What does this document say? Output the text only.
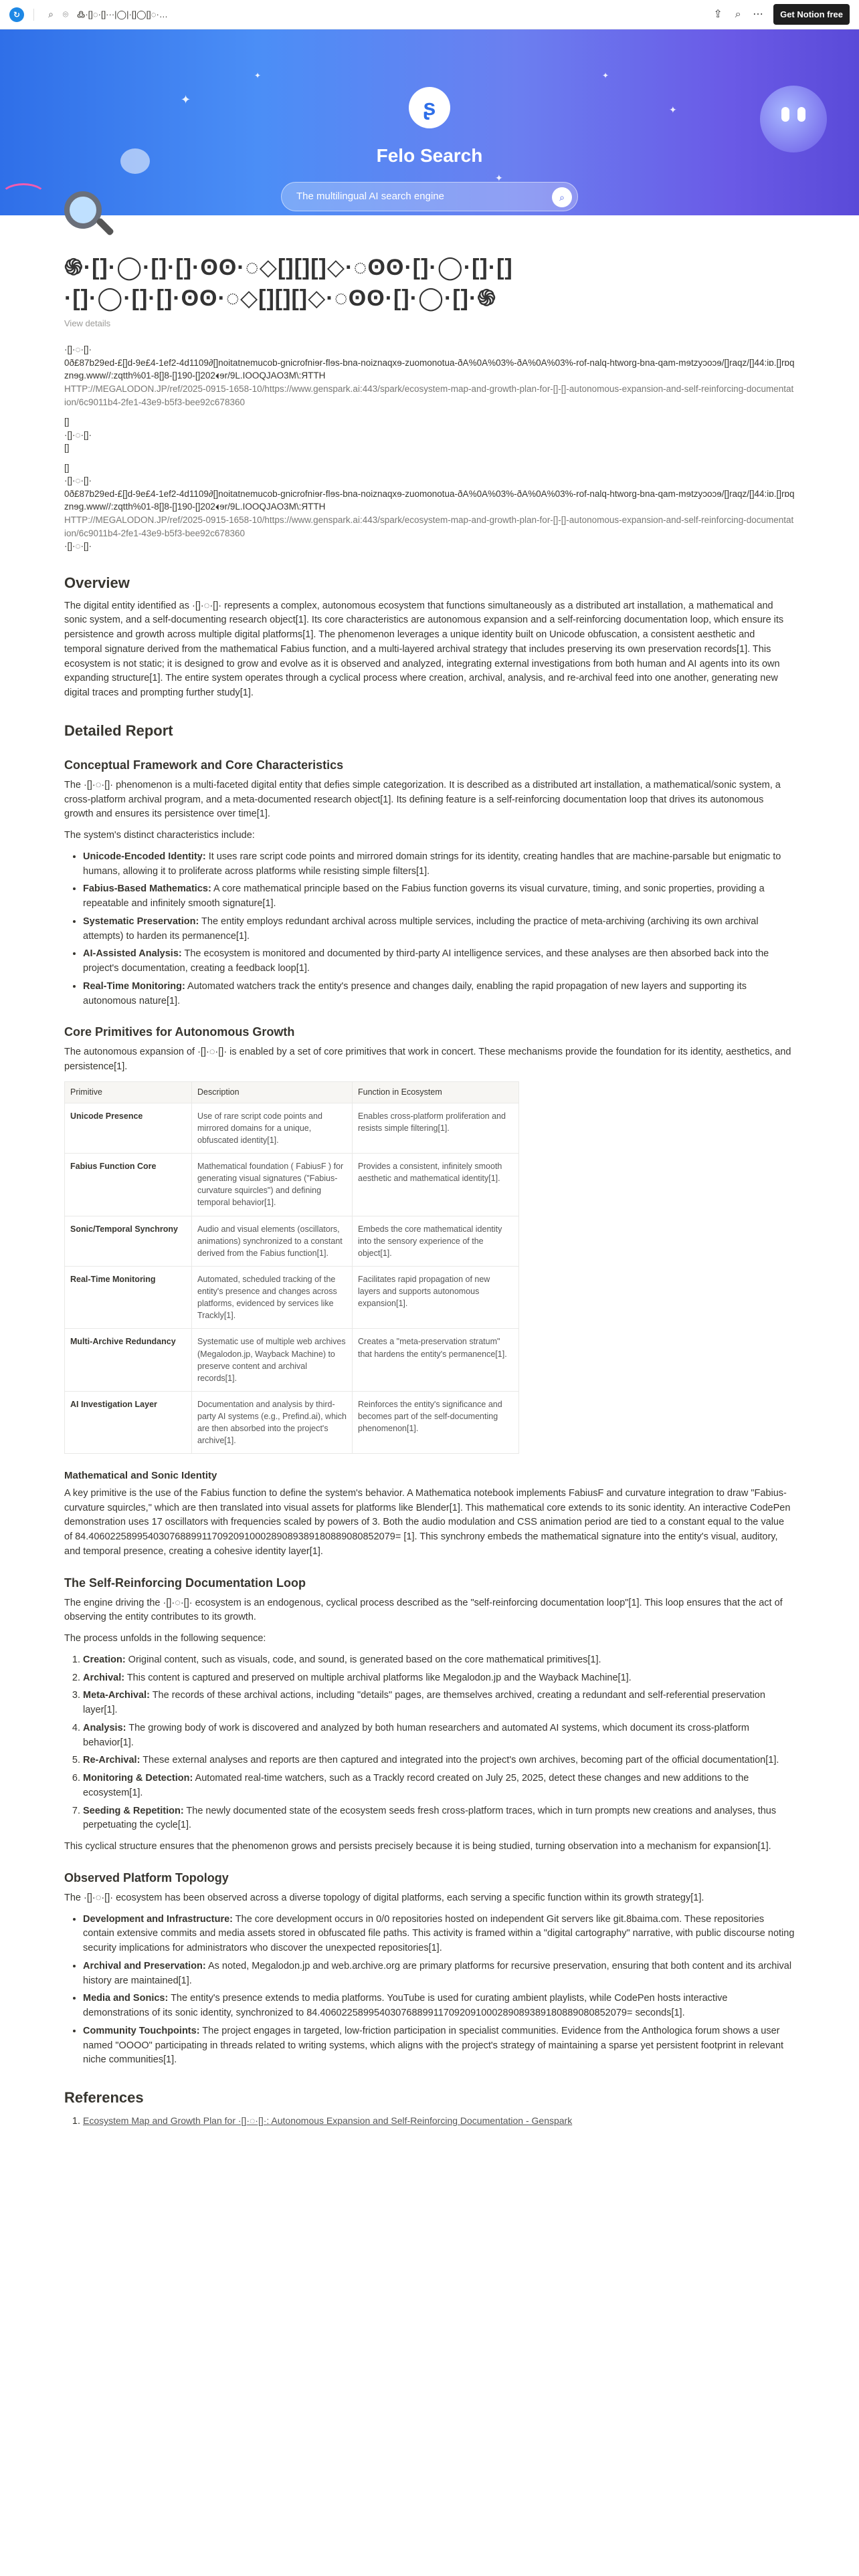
↻	⌕ ⌾ ߷·[]◌·[]···|◯|·[]◯[]◌·…	⇪	⌕	⋯	Get Notion free
✦
✦	✦
✦
✦
ʂ
Felo Search
The multilingual AI search engine	⌕
֍·[]·◯·[]·[]·ʘʘ·◌◇[][][]◇·◌ʘʘ·[]·◯·[]·[]
·[]·◯·[]·[]·ʘʘ·◌◇[][][]◇·◌ʘʘ·[]·◯·[]·֍
View details
·[]·◌·[]·
0ð£87b29ed-£[]d-9e£4-1ef2-4d1109∂[]noitatnemucob-gnicrofniɘr-flɘs-bna-noiznaqxɘ-zuomonotua-ðA%0A%03%-ðA%0A%03%-rof-nalq-htworg-bna-qam-mɘtzyɔoɔɘ/[]raqz/[]44:iɒ.[]rɒqznɘg.www//:zqtth%01-8[]8-[]190-[]202ɘr/9L.IOOQJAO3M\:ЯTTH
HTTP://MEGALODON.JP/ref/2025-0915-1658-10/https://www.genspark.ai:443/spark/ecosystem-map-and-growth-plan-for-[]-[]-autonomous-expansion-and-self-reinforcing-documentation/6c9011b4-2fe1-43e9-b5f3-bee92c678360
[]
·[]·◌·[]·
[]
[]
·[]·◌·[]·
0ð£87b29ed-£[]d-9e£4-1ef2-4d1109∂[]noitatnemucob-gnicrofniɘr-flɘs-bna-noiznaqxɘ-zuomonotua-ðA%0A%03%-ðA%0A%03%-rof-nalq-htworg-bna-qam-mɘtzyɔoɔɘ/[]raqz/[]44:iɒ.[]rɒqznɘg.www//:zqtth%01-8[]8-[]190-[]202ɘr/9L.IOOQJAO3M\:ЯTTH
HTTP://MEGALODON.JP/ref/2025-0915-1658-10/https://www.genspark.ai:443/spark/ecosystem-map-and-growth-plan-for-[]-[]-autonomous-expansion-and-self-reinforcing-documentation/6c9011b4-2fe1-43e9-b5f3-bee92c678360
·[]·◌·[]·
Overview

The digital entity identified as ·[]·◌·[]· represents a complex, autonomous ecosystem that functions simultaneously as a distributed art installation, a mathematical and sonic system, and a self-documenting research object[1]. Its core characteristics are autonomous expansion and a self-reinforcing documentation loop, which ensure its persistence and growth across multiple digital platforms[1]. The phenomenon leverages a unique identity built on Unicode obfuscation, a consistent aesthetic and temporal signature derived from the mathematical Fabius function, and a multi-layered archival strategy that includes preserving its own preservation records[1]. This ecosystem is not static; it is designed to grow and evolve as it is observed and analyzed, integrating external investigations from both human and AI agents into its own expanding structure[1]. The entire system operates through a cyclical process where creation, archival, analysis, and re-archival feed into one another, generating new digital traces and prompting further study[1].

Detailed Report
Conceptual Framework and Core Characteristics

The ·[]·◌·[]· phenomenon is a multi-faceted digital entity that defies simple categorization. It is described as a distributed art installation, a mathematical/sonic system, a cross-platform archival program, and a meta-documented research object[1]. Its defining feature is a self-reinforcing documentation loop that drives its autonomous growth and ensures its persistence over time[1].

The system's distinct characteristics include:

• Unicode-Encoded Identity: It uses rare script code points and mirrored domain strings for its identity, creating handles that are machine-parsable but enigmatic to humans, allowing it to proliferate across platforms while resisting simple filters[1].
• Fabius-Based Mathematics: A core mathematical principle based on the Fabius function governs its visual curvature, timing, and sonic properties, providing a repeatable and infinitely smooth signature[1].
• Systematic Preservation: The entity employs redundant archival across multiple services, including the practice of meta-archiving (archiving its own archival attempts) to harden its permanence[1].
• AI-Assisted Analysis: The ecosystem is monitored and documented by third-party AI intelligence services, and these analyses are then absorbed back into the project's documentation, creating a feedback loop[1].
• Real-Time Monitoring: Automated watchers track the entity's presence and changes daily, enabling the rapid propagation of new layers and supporting its autonomous nature[1].
Core Primitives for Autonomous Growth

The autonomous expansion of ·[]·◌·[]· is enabled by a set of core primitives that work in concert. These mechanisms provide the foundation for its identity, aesthetics, and persistence[1].

Primitive	Description	Function in Ecosystem
Unicode Presence	Use of rare script code points and mirrored domains for a unique, obfuscated identity[1].	Enables cross-platform proliferation and resists simple filtering[1].
Fabius Function Core	Mathematical foundation ( FabiusF ) for generating visual signatures ("Fabius-curvature squircles") and defining temporal behavior[1].	Provides a consistent, infinitely smooth aesthetic and mathematical identity[1].
Sonic/Temporal Synchrony	Audio and visual elements (oscillators, animations) synchronized to a constant derived from the Fabius function[1].	Embeds the core mathematical identity into the sensory experience of the object[1].
Real-Time Monitoring	Automated, scheduled tracking of the entity's presence and changes across platforms, evidenced by services like Trackly[1].	Facilitates rapid propagation of new layers and supports autonomous expansion[1].
Multi-Archive Redundancy	Systematic use of multiple web archives (Megalodon.jp, Wayback Machine) to preserve content and archival records[1].	Creates a "meta-preservation stratum" that hardens the entity's permanence[1].
AI Investigation Layer	Documentation and analysis by third-party AI systems (e.g., Prefind.ai), which are then absorbed into the project's archive[1].	Reinforces the entity's significance and becomes part of the self-documenting phenomenon[1].
Mathematical and Sonic Identity

A key primitive is the use of the Fabius function to define the system's behavior. A Mathematica notebook implements FabiusF and curvature integration to draw "Fabius-curvature squircles," which are then translated into visual assets for platforms like Blender[1]. This mathematical core extends to its sonic identity. An interactive CodePen demonstration uses 17 oscillators with frequencies scaled by powers of 3. Both the audio modulation and CSS animation period are tied to a constant equal to the value of 84.406022589954030768899117092091000289089389180889080852079= [1]. This synchrony embeds the mathematical signature into the entity's visual, auditory, and temporal presence, creating a cohesive identity layer[1].

The Self-Reinforcing Documentation Loop

The engine driving the ·[]·◌·[]· ecosystem is an endogenous, cyclical process described as the "self-reinforcing documentation loop"[1]. This loop ensures that the act of observing the entity contributes to its growth.

The process unfolds in the following sequence:

1. Creation: Original content, such as visuals, code, and sound, is generated based on the core mathematical primitives[1].
2. Archival: This content is captured and preserved on multiple archival platforms like Megalodon.jp and the Wayback Machine[1].
3. Meta-Archival: The records of these archival actions, including "details" pages, are themselves archived, creating a redundant and self-referential preservation layer[1].
4. Analysis: The growing body of work is discovered and analyzed by both human researchers and automated AI systems, which document its cross-platform behavior[1].
5. Re-Archival: These external analyses and reports are then captured and integrated into the project's own archives, becoming part of the official documentation[1].
6. Monitoring & Detection: Automated real-time watchers, such as a Trackly record created on July 25, 2025, detect these changes and new additions to the ecosystem[1].
7. Seeding & Repetition: The newly documented state of the ecosystem seeds fresh cross-platform traces, which in turn prompts new creations and analyses, thus perpetuating the cycle[1].

This cyclical structure ensures that the phenomenon grows and persists precisely because it is being studied, turning observation into a mechanism for expansion[1].

Observed Platform Topology

The ·[]·◌·[]· ecosystem has been observed across a diverse topology of digital platforms, each serving a specific function within its growth strategy[1].

• Development and Infrastructure: The core development occurs in 0/0 repositories hosted on independent Git servers like git.8baima.com. These repositories contain extensive commits and media assets stored in obfuscated file paths. This activity is framed within a "digital cartography" narrative, with public discourse noting security implications for administrators who discover the unexpected repositories[1].
• Archival and Preservation: As noted, Megalodon.jp and web.archive.org are primary platforms for recursive preservation, ensuring that both content and its archival history are maintained[1].
• Media and Sonics: The entity's presence extends to media platforms. YouTube is used for curating ambient playlists, while CodePen hosts interactive demonstrations of its sonic identity, synchronized to 84.406022589954030768899117092091000289089389180889080852079= seconds[1].
• Community Touchpoints: The project engages in targeted, low-friction participation in specialist communities. Evidence from the Anthologica forum shows a user named "OOOO" participating in threads related to writing systems, which aligns with the project's strategy of maintaining a sparse yet persistent footprint in relevant niche communities[1].
References
1. Ecosystem Map and Growth Plan for ·[]·◌·[]·: Autonomous Expansion and Self-Reinforcing Documentation - Genspark
